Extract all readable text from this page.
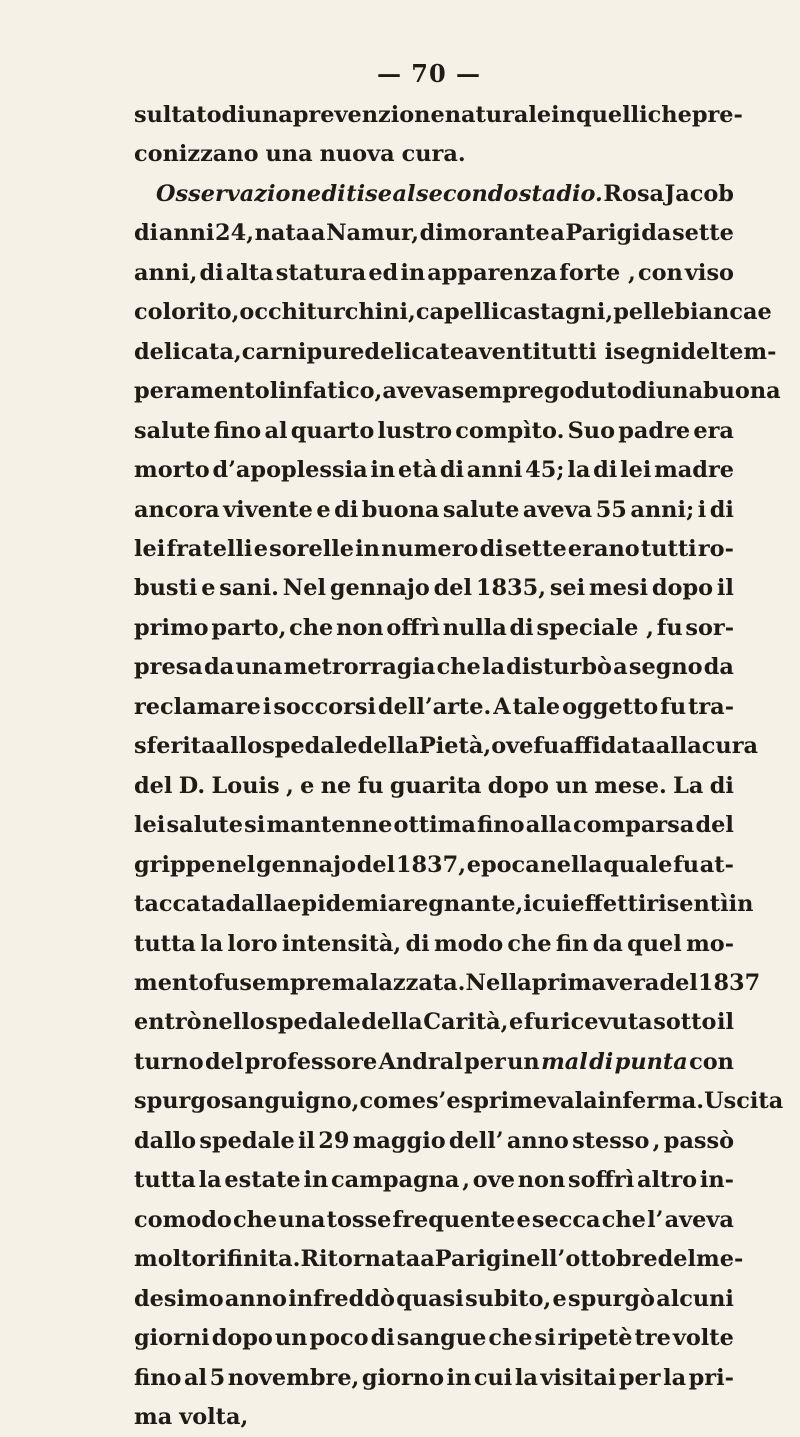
— 70 —
sultato di una prevenzione naturale in quelli che pre-
conizzano una nuova cura.
Osservazione di tise al secondo stadio. Rosa Jacob
di anni 24, nata a Namur, dimorante a Parigi da sette
anni, di alta statura ed in apparenza forte , con viso
colorito, occhi turchini, capelli castagni, pelle bianca e
delicata, carni pure delicate aventi tutti i segni del tem-
peramento linfatico, aveva sempre goduto di una buona
salute fino al quarto lustro compìto. Suo padre era
morto d’apoplessia in età di anni 45; la di lei madre
ancora vivente e di buona salute aveva 55 anni; i di
lei fratelli e sorelle in numero di sette erano tutti ro-
busti e sani. Nel gennajo del 1835, sei mesi dopo il
primo parto, che non offrì nulla di speciale , fu sor-
presa da una metrorragia che la disturbò a segno da
reclamare i soccorsi dell’arte. A tale oggetto fu tra-
sferita allo spedale della Pietà, ove fu affidata alla cura
del D. Louis , e ne fu guarita dopo un mese. La di
lei salute si mantenne ottima fino alla comparsa del
grippe nel gennajo del 1837, epoca nella quale fu at-
taccata dalla epidemia regnante, i cui effetti risentì in
tutta la loro intensità, di modo che fin da quel mo-
mento fu sempre malazzata. Nella primavera del 1837
entrò nello spedale della Carità, e fu ricevuta sotto il
turno del professore Andral per un mal di punta con
spurgo sanguigno, come s’esprimeva la inferma. Uscita
dallo spedale il 29 maggio dell’ anno stesso , passò
tutta la estate in campagna , ove non soffrì altro in-
comodo che una tosse frequente e secca che l’ aveva
molto rifinita. Ritornata a Parigi nell’ottobre del me-
desimo anno infreddò quasi subito, e spurgò alcuni
giorni dopo un poco di sangue che si ripetè tre volte
fino al 5 novembre, giorno in cui la visitai per la pri-
ma volta,
